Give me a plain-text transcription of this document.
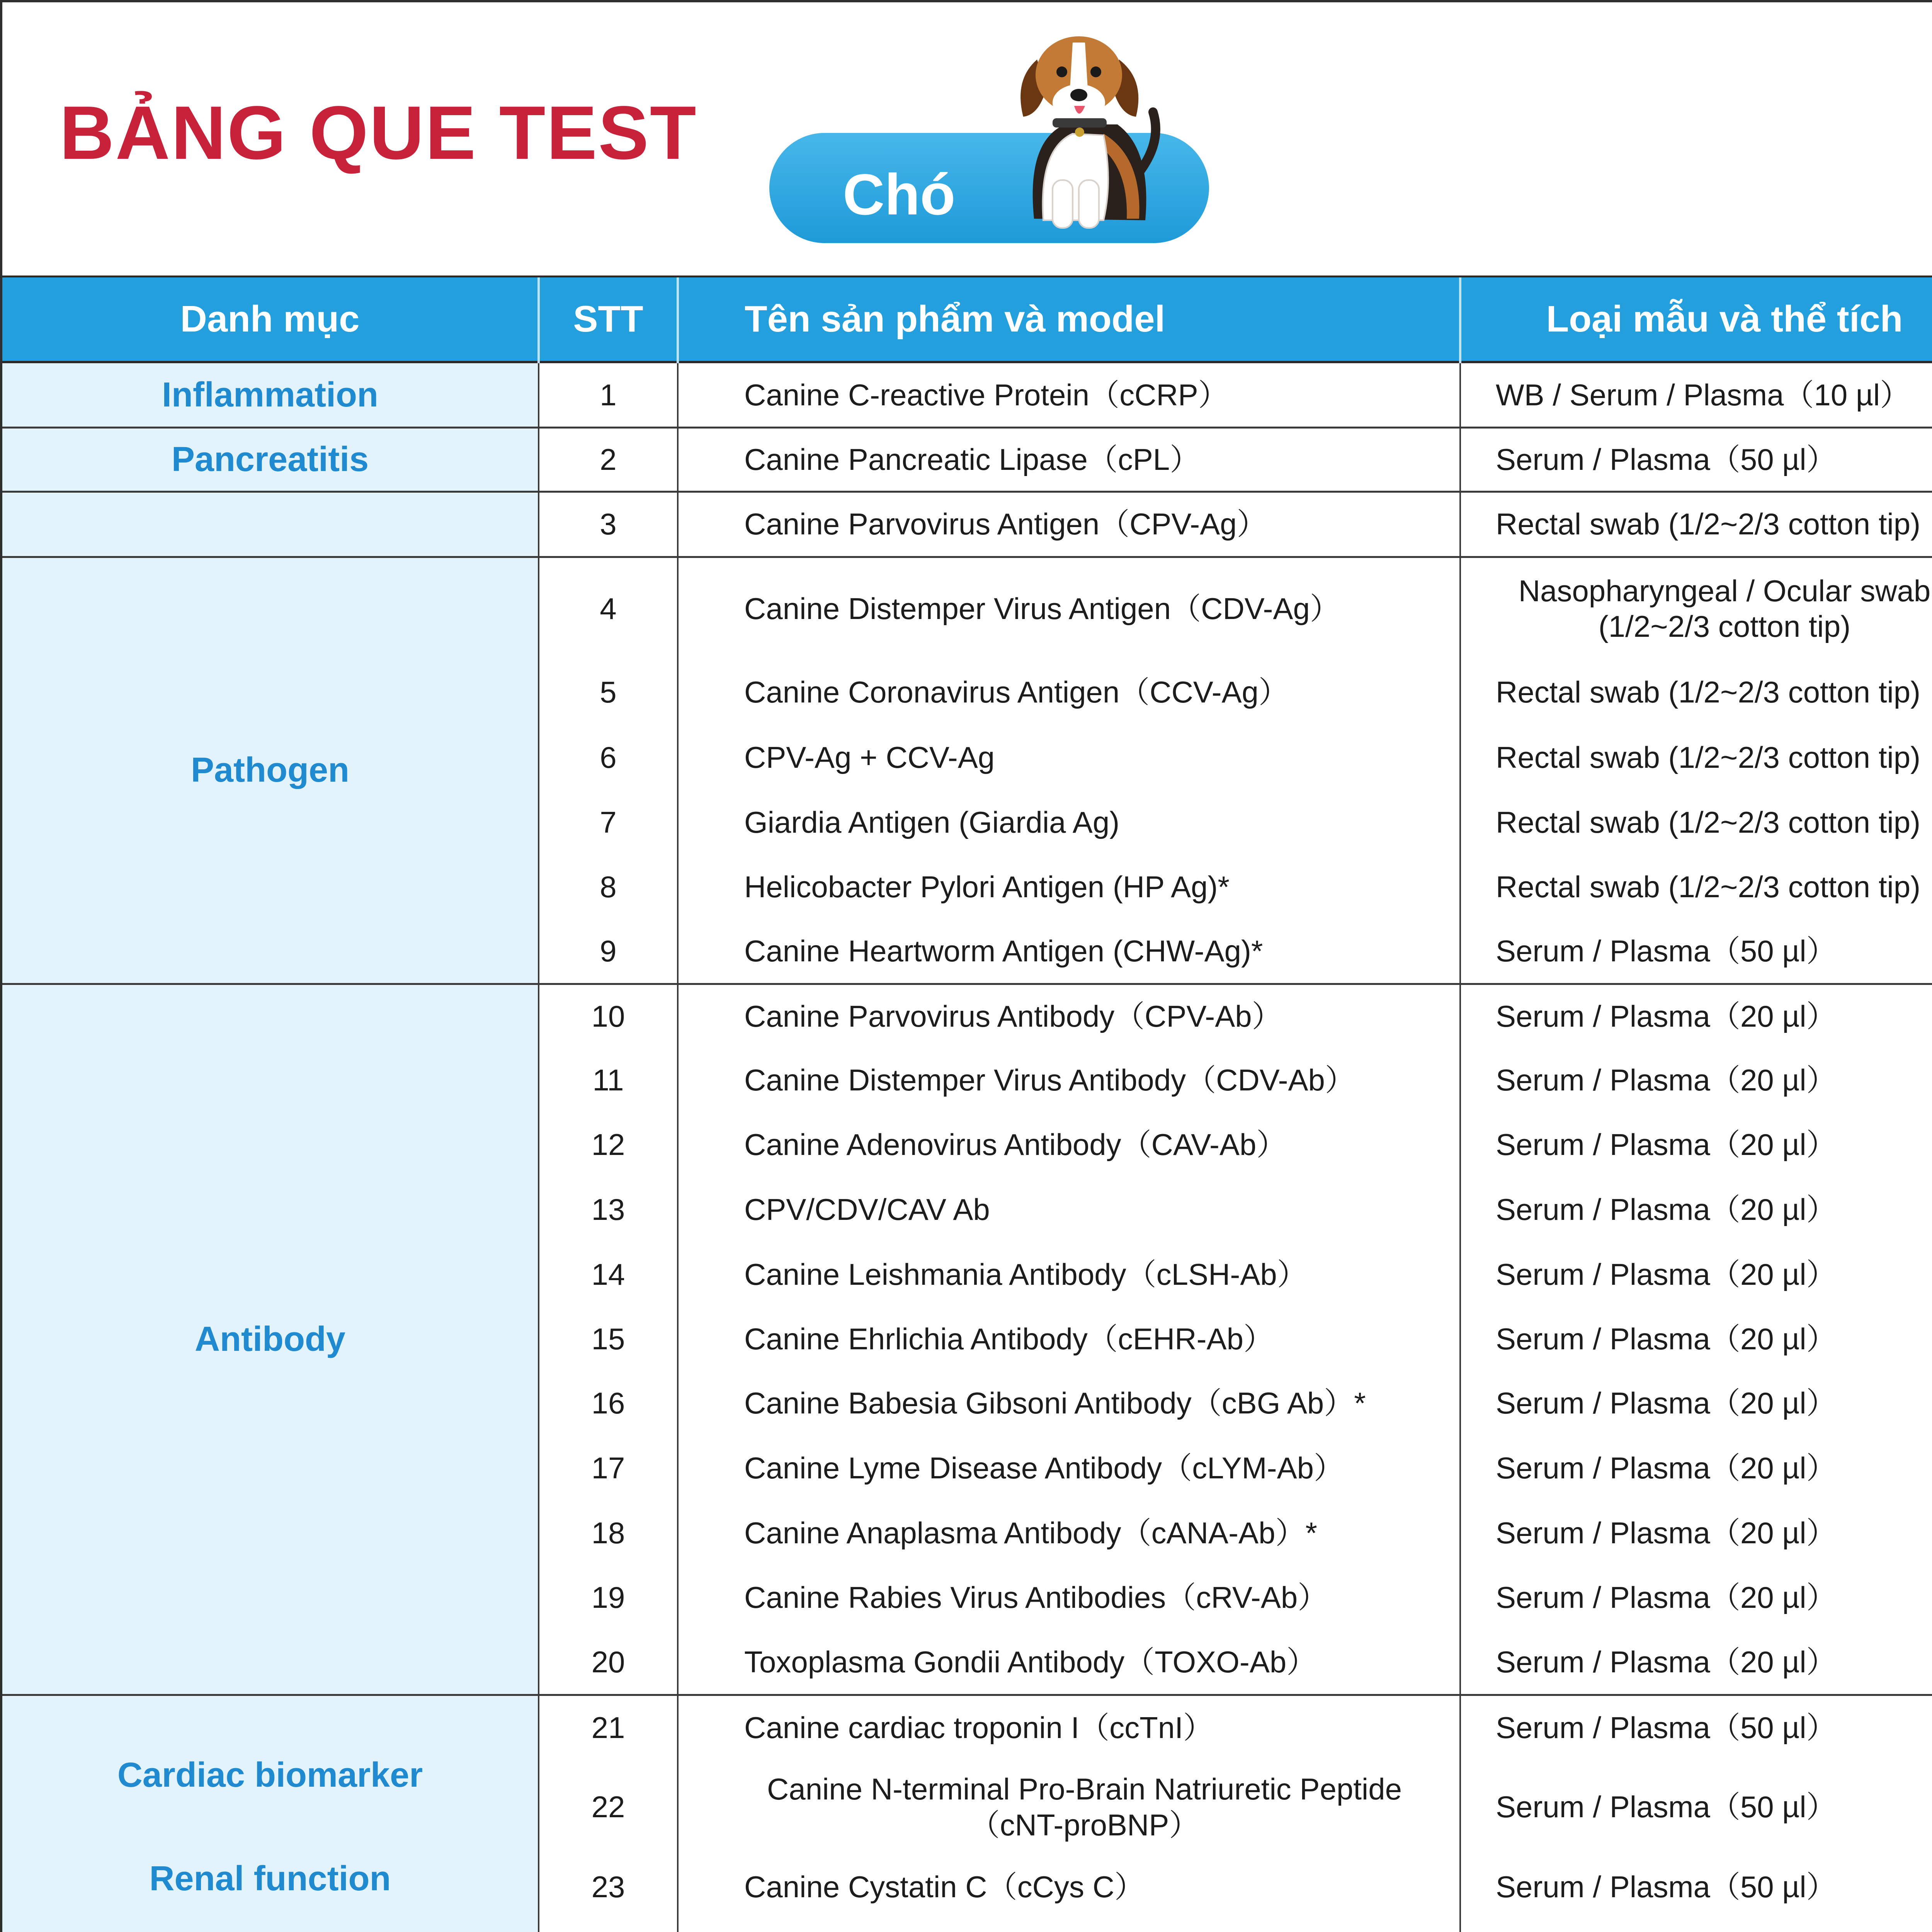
BẢNG QUE TEST
Chó
Danh mục	STT	Tên sản phẩm và model	Loại mẫu và thể tích			
Inflammation	1	Canine C-reactive Protein（cCRP）	WB / Serum / Plasma（10 µl）			
Pancreatitis	2	Canine Pancreatic Lipase（cPL）	Serum / Plasma（50 µl）			
	3	Canine Parvovirus Antigen（CPV-Ag）	Rectal swab (1/2~2/3 cotton tip)			
Pathogen	4	Canine Distemper Virus Antigen（CDV-Ag）	Nasopharyngeal / Ocular swab (1/2~2/3 cotton tip)			
	5	Canine Coronavirus Antigen（CCV-Ag）	Rectal swab (1/2~2/3 cotton tip)			
	6	CPV-Ag + CCV-Ag	Rectal swab (1/2~2/3 cotton tip)			
	7	Giardia Antigen (Giardia Ag)	Rectal swab (1/2~2/3 cotton tip)			
	8	Helicobacter Pylori Antigen (HP Ag)*	Rectal swab (1/2~2/3 cotton tip)			
	9	Canine Heartworm Antigen (CHW-Ag)*	Serum / Plasma（50 µl）			
Antibody	10	Canine Parvovirus Antibody（CPV-Ab）	Serum / Plasma（20 µl）			
	11	Canine Distemper Virus Antibody（CDV-Ab）	Serum / Plasma（20 µl）			
	12	Canine Adenovirus Antibody（CAV-Ab）	Serum / Plasma（20 µl）			
	13	CPV/CDV/CAV Ab	Serum / Plasma（20 µl）			
	14	Canine Leishmania Antibody（cLSH-Ab）	Serum / Plasma（20 µl）			
	15	Canine Ehrlichia Antibody（cEHR-Ab）	Serum / Plasma（20 µl）			
	16	Canine Babesia Gibsoni Antibody（cBG Ab）*	Serum / Plasma（20 µl）			
	17	Canine Lyme Disease Antibody（cLYM-Ab）	Serum / Plasma（20 µl）			
	18	Canine Anaplasma Antibody（cANA-Ab）*	Serum / Plasma（20 µl）			
	19	Canine Rabies Virus Antibodies（cRV-Ab）	Serum / Plasma（20 µl）			
	20	Toxoplasma Gondii Antibody（TOXO-Ab）	Serum / Plasma（20 µl）			
Cardiac biomarker	21	Canine cardiac troponin I（ccTnI）	Serum / Plasma（50 µl）			
	22	Canine N-terminal Pro-Brain Natriuretic Peptide（cNT-proBNP）	Serum / Plasma（50 µl）			
Renal function	23	Canine Cystatin C（cCys C）	Serum / Plasma（50 µl）			
